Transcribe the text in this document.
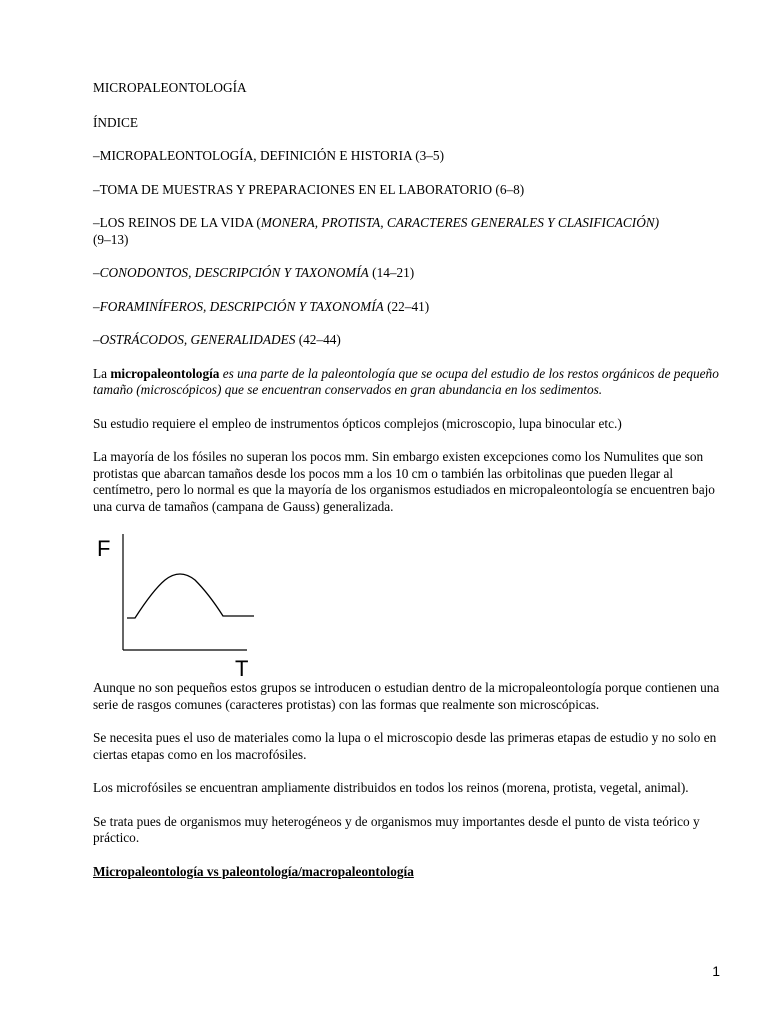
MICROPALEONTOLOGÍA

ÍNDICE

–MICROPALEONTOLOGÍA, DEFINICIÓN E HISTORIA (3–5)

–TOMA DE MUESTRAS Y PREPARACIONES EN EL LABORATORIO (6–8)

–LOS REINOS DE LA VIDA (MONERA, PROTISTA, CARACTERES GENERALES Y CLASIFICACIÓN)
(9–13)

–CONODONTOS, DESCRIPCIÓN Y TAXONOMÍA (14–21)

–FORAMINÍFEROS, DESCRIPCIÓN Y TAXONOMÍA (22–41)

–OSTRÁCODOS, GENERALIDADES (42–44)

La micropaleontología es una parte de la paleontología que se ocupa del estudio de los restos orgánicos de pequeño tamaño (microscópicos) que se encuentran conservados en gran abundancia en los sedimentos.

Su estudio requiere el empleo de instrumentos ópticos complejos (microscopio, lupa binocular etc.)

La mayoría de los fósiles no superan los pocos mm. Sin embargo existen excepciones como los Numulites que son protistas que abarcan tamaños desde los pocos mm a los 10 cm o también las orbitolinas que pueden llegar al centímetro, pero lo normal es que la mayoría de los organismos estudiados en micropaleontología se encuentren bajo una curva de tamaños (campana de Gauss) generalizada.

F
T

Aunque no son pequeños estos grupos se introducen o estudian dentro de la micropaleontología porque contienen una serie de rasgos comunes (caracteres protistas) con las formas que realmente son microscópicas.

Se necesita pues el uso de materiales como la lupa o el microscopio desde las primeras etapas de estudio y no solo en ciertas etapas como en los macrofósiles.

Los microfósiles se encuentran ampliamente distribuidos en todos los reinos (morena, protista, vegetal, animal).

Se trata pues de organismos muy heterogéneos y de organismos muy importantes desde el punto de vista teórico y práctico.

Micropaleontología vs paleontología/macropaleontología

1
